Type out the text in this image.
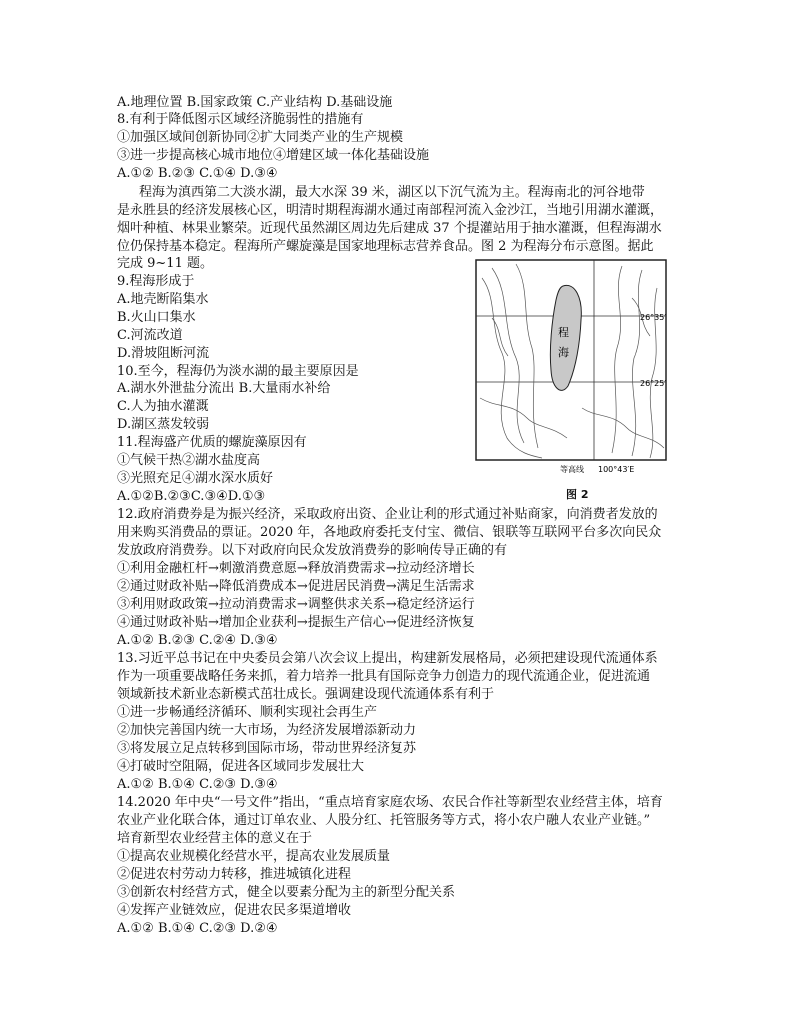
A.地理位置 B.国家政策 C.产业结构 D.基础设施
8.有利于降低图示区域经济脆弱性的措施有
①加强区域间创新协同②扩大同类产业的生产规模
③进一步提高核心城市地位④增建区域一体化基础设施
A.①② B.②③ C.①④ D.③④
程海为滇西第二大淡水湖，最大水深 39 米，湖区以下沉气流为主。程海南北的河谷地带
是永胜县的经济发展核心区，明清时期程海湖水通过南部程河流入金沙江，当地引用湖水灌溉，
烟叶种植、林果业繁荣。近现代虽然湖区周边先后建成 37 个提灌站用于抽水灌溉，但程海湖水
位仍保持基本稳定。程海所产螺旋藻是国家地理标志营养食品。图 2 为程海分布示意图。据此
完成 9~11 题。
9.程海形成于
A.地壳断陷集水
B.火山口集水
C.河流改道
D.滑坡阻断河流
10.至今，程海仍为淡水湖的最主要原因是
A.湖水外泄盐分流出 B.大量雨水补给
C.人为抽水灌溉
D.湖区蒸发较弱
11.程海盛产优质的螺旋藻原因有
①气候干热②湖水盐度高
③光照充足④湖水深水质好
A.①②B.②③C.③④D.①③
12.政府消费券是为振兴经济，采取政府出资、企业让利的形式通过补贴商家，向消费者发放的
用来购买消费品的票证。2020 年，各地政府委托支付宝、微信、银联等互联网平台多次向民众
发放政府消费券。以下对政府向民众发放消费券的影响传导正确的有
①利用金融杠杆→刺激消费意愿→释放消费需求→拉动经济增长
②通过财政补贴→降低消费成本→促进居民消费→满足生活需求
③利用财政政策→拉动消费需求→调整供求关系→稳定经济运行
④通过财政补贴→增加企业获利→提振生产信心→促进经济恢复
A.①② B.②③ C.②④ D.③④
13.习近平总书记在中央委员会第八次会议上提出，构建新发展格局，必须把建设现代流通体系
作为一项重要战略任务来抓，着力培养一批具有国际竞争力创造力的现代流通企业，促进流通
领域新技术新业态新模式茁壮成长。强调建设现代流通体系有利于
①进一步畅通经济循环、顺利实现社会再生产
②加快完善国内统一大市场，为经济发展增添新动力
③将发展立足点转移到国际市场，带动世界经济复苏
④打破时空阻隔，促进各区域同步发展壮大
A.①② B.①④ C.②③ D.③④
14.2020 年中央“一号文件”指出，“重点培育家庭农场、农民合作社等新型农业经营主体，培育
农业产业化联合体，通过订单农业、人股分红、托管服务等方式，将小农户融人农业产业链。”
培育新型农业经营主体的意义在于
①提高农业规模化经营水平，提高农业发展质量
②促进农村劳动力转移，推进城镇化进程
③创新农村经营方式，健全以要素分配为主的新型分配关系
④发挥产业链效应，促进农民多渠道增收
A.①② B.①④ C.②③ D.②④
程
海
26°35′
26°25′
等高线 100°43′E
图 2
